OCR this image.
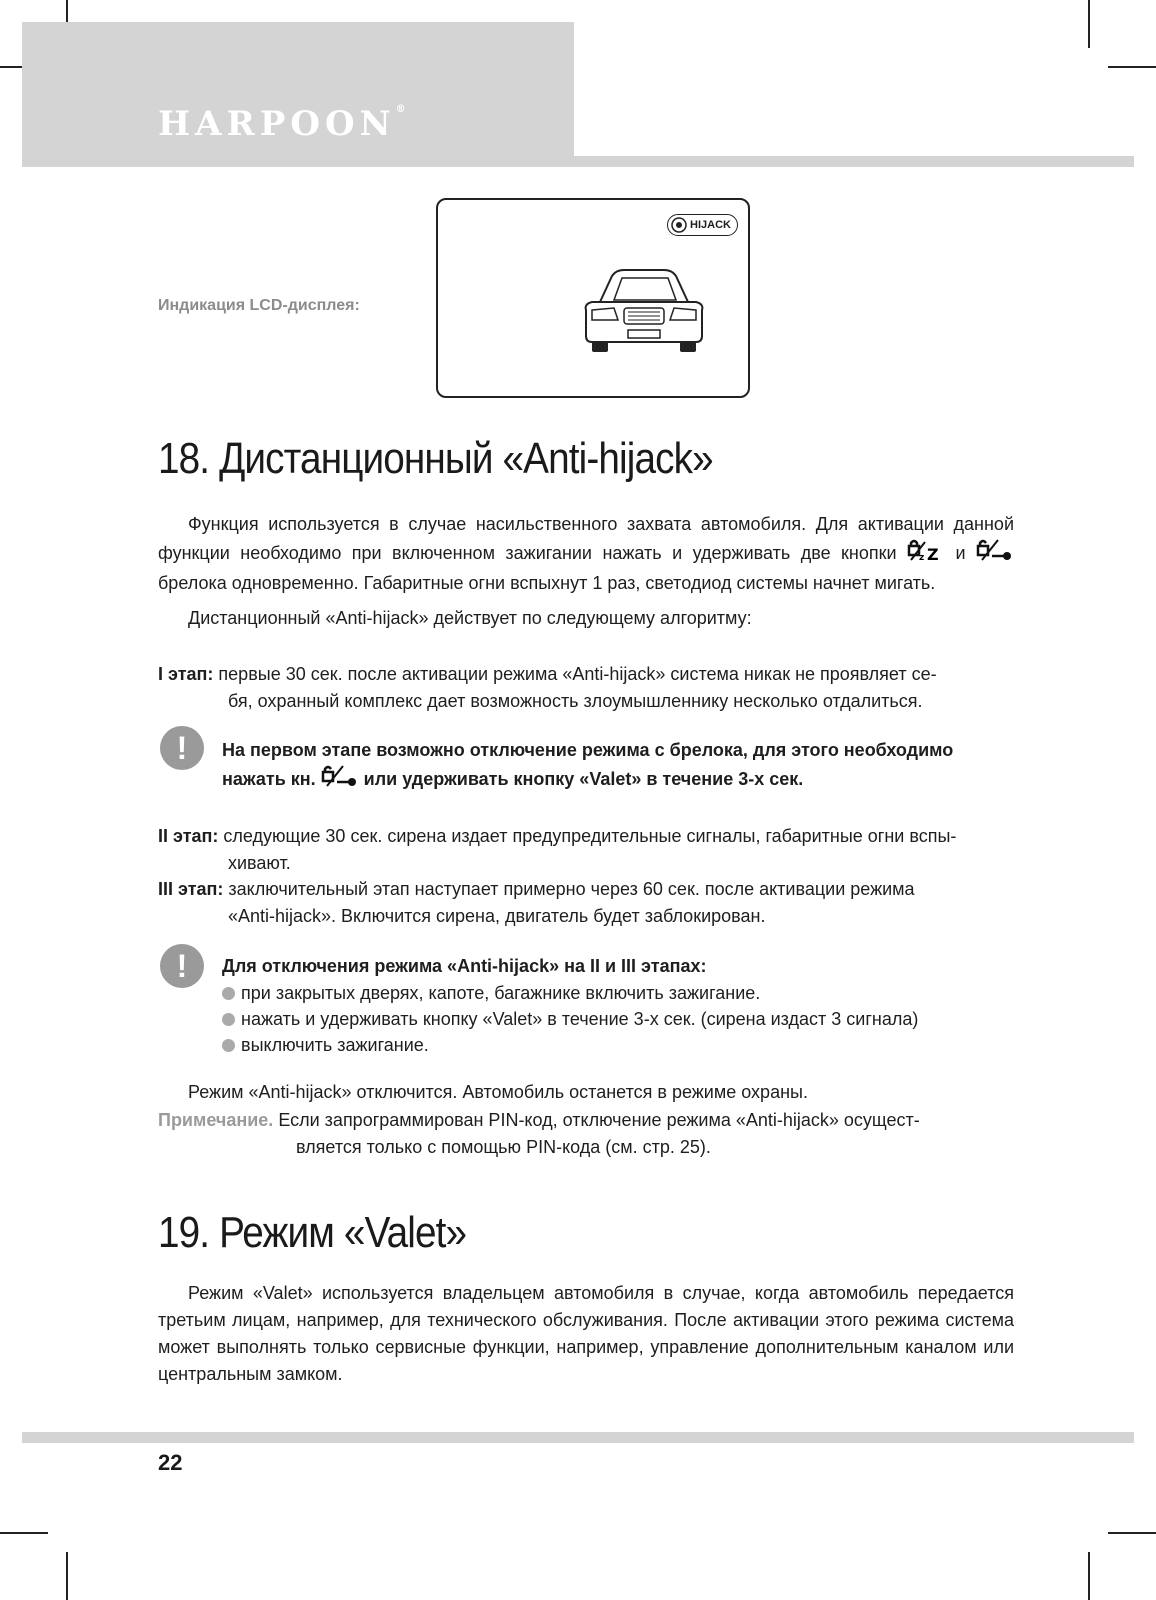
HARPOON®
Индикация LCD-дисплея:
HIJACK
18. Дистанционный «Anti-hijack»
Функция используется в случае насильственного захвата автомобиля. Для активации данной функции необходимо при включенном зажигании нажать и удерживать две кнопки z Z и  брелока одновременно. Габаритные огни вспыхнут 1 раз, светодиод системы начнет мигать.
Дистанционный «Anti-hijack» действует по следующему алгоритму:
I этап: первые 30 сек. после активации режима «Anti-hijack» система никак не проявляет се-
бя, охранный комплекс дает возможность злоумышленнику несколько отдалиться.
!	На первом этапе возможно отключение режима с брелока, для этого необходимо нажать кн.	или удерживать кнопку «Valet» в течение 3-х сек.
II этап: следующие 30 сек. сирена издает предупредительные сигналы, габаритные огни вспы-
хивают.
III этап: заключительный этап наступает примерно через 60 сек. после активации режима
«Anti-hijack». Включится сирена, двигатель будет заблокирован.
!	Для отключения режима «Anti-hijack» на II и III этапах:
при закрытых дверях, капоте, багажнике включить зажигание.
нажать и удерживать кнопку «Valet» в течение 3-х сек. (сирена издаст 3 сигнала)
выключить зажигание.
Режим «Anti-hijack» отключится. Автомобиль останется в режиме охраны.
Примечание. Если запрограммирован PIN-код, отключение режима «Anti-hijack» осущест-
вляется только с помощью PIN-кода (см. стр. 25).
19. Режим «Valet»
Режим «Valet» используется владельцем автомобиля в случае, когда автомобиль передается третьим лицам, например, для технического обслуживания. После активации этого режима система может выполнять только сервисные функции, например, управление дополнительным каналом или центральным замком.
22
